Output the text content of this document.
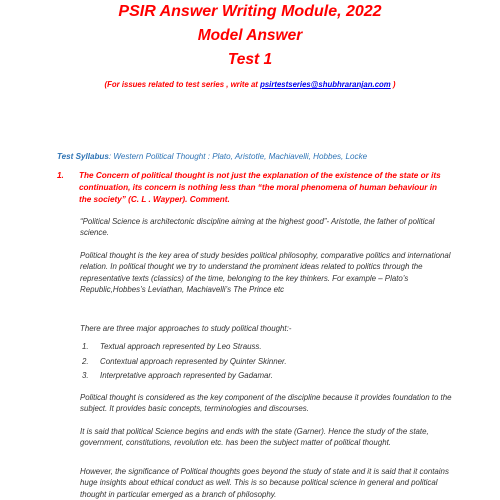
PSIR Answer Writing Module, 2022
Model Answer
Test 1
(For issues related to test series , write at psirtestseries@shubhraranjan.com )
Test Syllabus: Western Political Thought : Plato, Aristotle, Machiavelli, Hobbes, Locke
1.	The Concern of political thought is not just the explanation of the existence of the state or its continuation, its concern is nothing less than “the moral phenomena of human behaviour in the society” (C. L . Wayper). Comment.

“Political Science is architectonic discipline aiming at the highest good”- Aristotle, the father of political science.

Political thought is the key area of study besides political philosophy, comparative politics and international relation. In political thought we try to understand the prominent ideas related to politics through the representative texts (classics) of the time, belonging to the key thinkers. For example – Plato’s Republic,Hobbes’s Leviathan, Machiavelli’s The Prince etc

There are three major approaches to study political thought:-

1. Textual approach represented by Leo Strauss.
2. Contextual approach represented by Quinter Skinner.
3. Interpretative approach represented by Gadamar.

Political thought is considered as the key component of the discipline because it provides foundation to the subject. It provides basic concepts, terminologies and discourses.

It is said that political Science begins and ends with the state (Garner). Hence the study of the state, government, constitutions, revolution etc. has been the subject matter of political thought.

However, the significance of Political thoughts goes beyond the study of state and it is said that it contains huge insights about ethical conduct as well. This is so because political science in general and political thought in particular emerged as a branch of philosophy.
